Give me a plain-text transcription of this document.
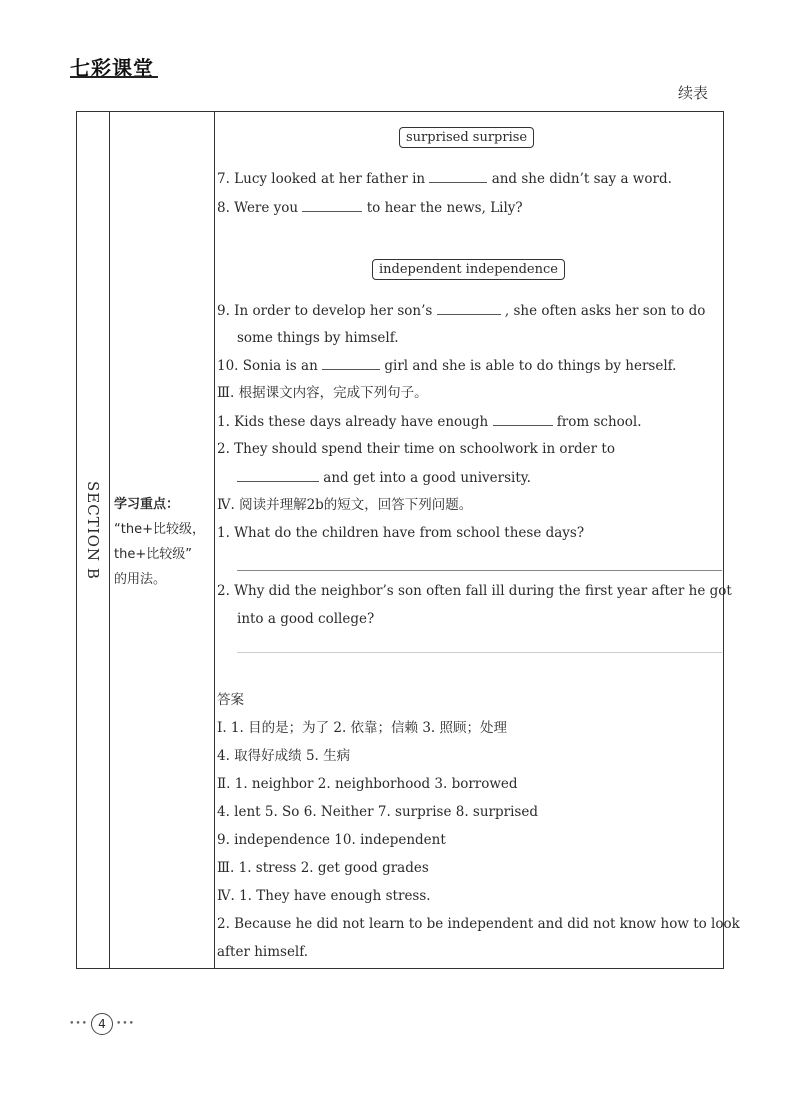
七彩课堂
续表
SECTION B 学习重点：
“the+比较级，
the+比较级”
的用法。
surprised surprise
7. Lucy looked at her father in	and she didn’t say a word.
8. Were you	to hear the news, Lily?
independent independence
9. In order to develop her son’s	, she often asks her son to do
some things by himself.
10. Sonia is an	girl and she is able to do things by herself.
Ⅲ. 根据课文内容，完成下列句子。
1. Kids these days already have enough	from school.
2. They should spend their time on schoolwork in order to
and get into a good university.
Ⅳ. 阅读并理解2b的短文，回答下列问题。
1. What do the children have from school these days?
2. Why did the neighbor’s son often fall ill during the first year after he got
into a good college?
答案
Ⅰ. 1. 目的是；为了 2. 依靠；信赖 3. 照顾；处理
4. 取得好成绩 5. 生病
Ⅱ. 1. neighbor 2. neighborhood 3. borrowed
4. lent 5. So 6. Neither 7. surprise 8. surprised
9. independence 10. independent
Ⅲ. 1. stress 2. get good grades
Ⅳ. 1. They have enough stress.
2. Because he did not learn to be independent and did not know how to look
after himself.
••• 4	•••
